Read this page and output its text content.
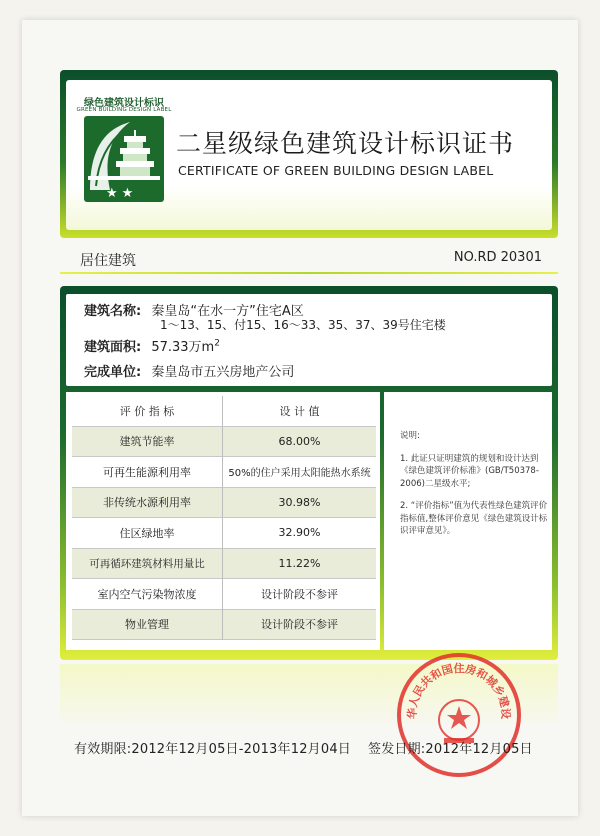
绿色建筑设计标识
GREEN BUILDING DESIGN LABEL
★★
二星级绿色建筑设计标识证书
CERTIFICATE OF GREEN BUILDING DESIGN LABEL
居住建筑	NO.RD 20301
建筑名称: 秦皇岛“在水一方”住宅A区
1～13、15、付15、16～33、35、37、39号住宅楼
建筑面积: 57.33万$m^2$
完成单位: 秦皇岛市五兴房地产公司
评 价 指 标	设 计 值
建筑节能率	68.00%
可再生能源利用率	50%的住户采用太阳能热水系统
非传统水源利用率	30.98%
住区绿地率	32.90%
可再循环建筑材料用量比	11.22%
室内空气污染物浓度	设计阶段不参评
物业管理	设计阶段不参评

说明:

1. 此证只证明建筑的规划和设计达到《绿色建筑评价标准》(GB/T50378-2006)二星级水平;

2. “评价指标”值为代表性绿色建筑评价指标值,整体评价意见《绿色建筑设计标识评审意见》。

华人民共和国住房和城乡建设
有效期限:2012年12月05日-2013年12月04日 签发日期:2012年12月05日
